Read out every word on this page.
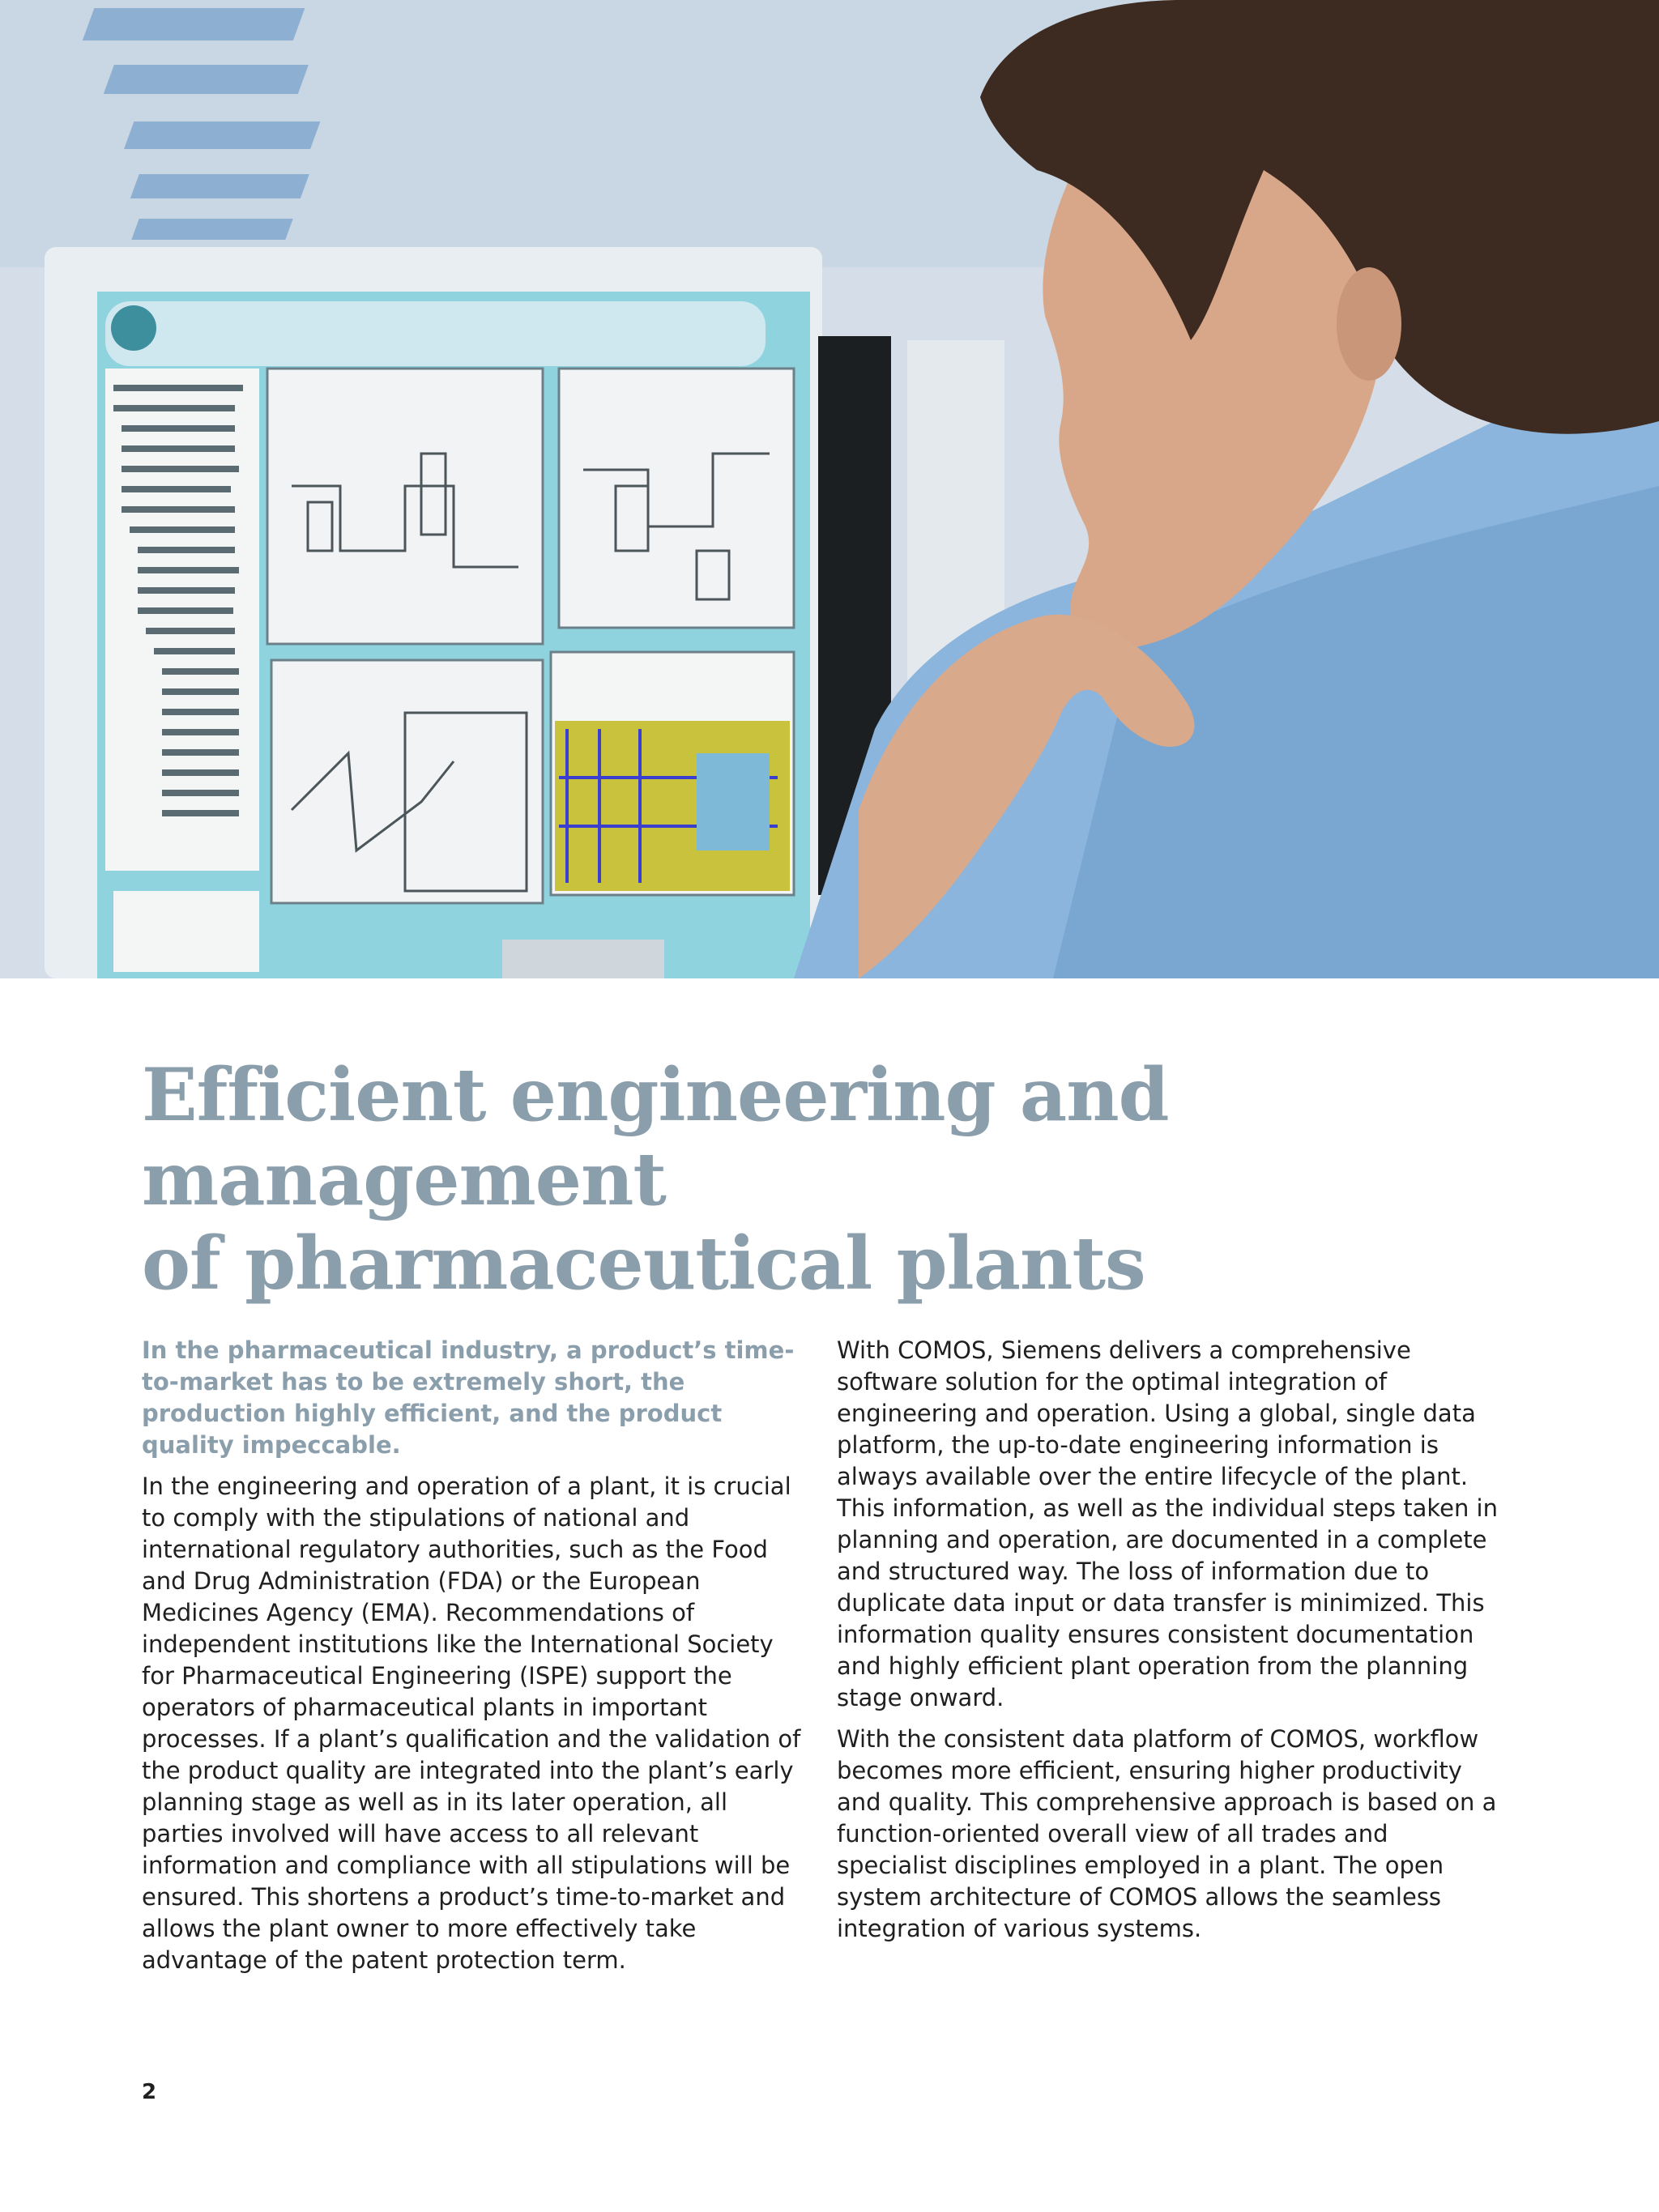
Efficient engineering and management
of pharmaceutical plants

In the pharmaceutical industry, a product’s time-to-market has to be extremely short, the production highly efficient, and the product quality impeccable.

In the engineering and operation of a plant, it is crucial to comply with the stipulations of national and international regulatory authorities, such as the Food and Drug Administration (FDA) or the European Medicines Agency (EMA). Recommendations of independent institutions like the International Society for Pharmaceutical Engineering (ISPE) support the operators of pharmaceutical plants in important processes. If a plant’s qualification and the validation of the product quality are integrated into the plant’s early planning stage as well as in its later operation, all parties involved will have access to all relevant information and compliance with all stipulations will be ensured. This shortens a product’s time-to-market and allows the plant owner to more effectively take advantage of the patent protection term.

With COMOS, Siemens delivers a comprehensive software solution for the optimal integration of engineering and operation. Using a global, single data platform, the up-to-date engineering information is always available over the entire lifecycle of the plant. This information, as well as the individual steps taken in planning and operation, are documented in a complete and structured way. The loss of information due to duplicate data input or data transfer is minimized. This information quality ensures consistent documentation and highly efficient plant operation from the planning stage onward.

With the consistent data platform of COMOS, workflow becomes more efficient, ensuring higher productivity and quality. This comprehensive approach is based on a function-oriented overall view of all trades and specialist disciplines employed in a plant. The open system architecture of COMOS allows the seamless integration of various systems.

2
